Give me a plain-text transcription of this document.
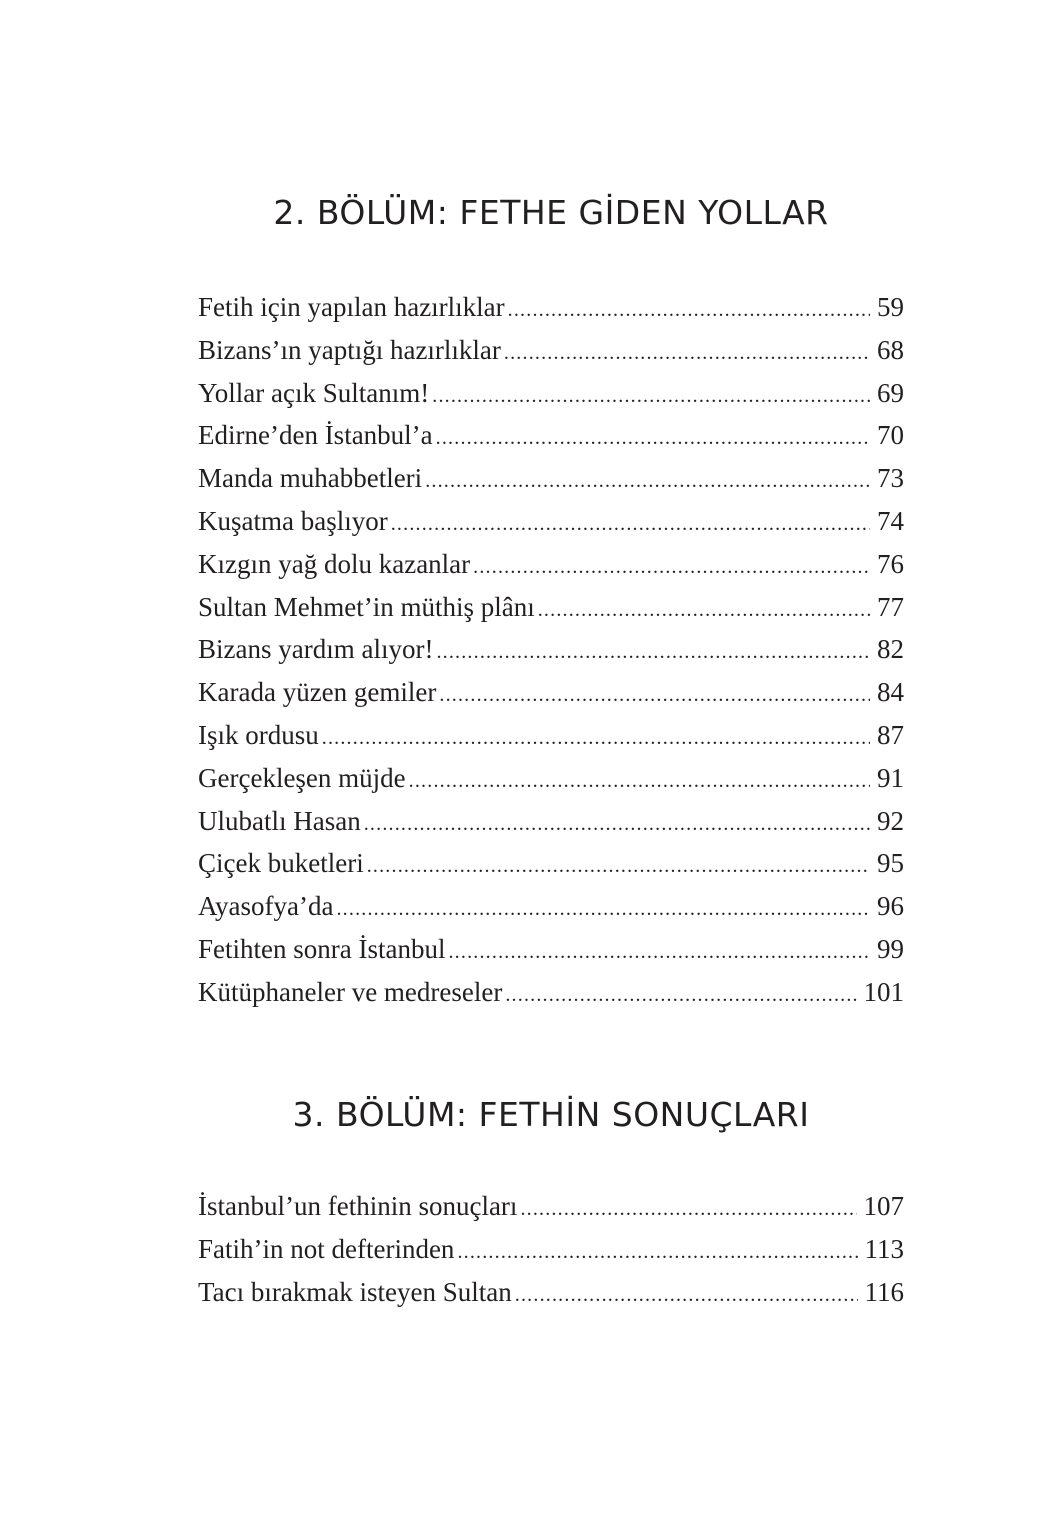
2. BÖLÜM: FETHE GİDEN YOLLAR
Fetih için yapılan hazırlıklar .....	59
Bizans’ın yaptığı hazırlıklar .....	68
Yollar açık Sultanım! .....	69
Edirne’den İstanbul’a .....	70
Manda muhabbetleri .....	73
Kuşatma başlıyor .....	74
Kızgın yağ dolu kazanlar .....	76
Sultan Mehmet’in müthiş plânı .....	77
Bizans yardım alıyor! .....	82
Karada yüzen gemiler .....	84
Işık ordusu .....	87
Gerçekleşen müjde .....	91
Ulubatlı Hasan .....	92
Çiçek buketleri .....	95
Ayasofya’da .....	96
Fetihten sonra İstanbul .....	99
Kütüphaneler ve medreseler .....	101
3. BÖLÜM: FETHİN SONUÇLARI
İstanbul’un fethinin sonuçları .....	107
Fatih’in not defterinden .....	113
Tacı bırakmak isteyen Sultan .....	116
